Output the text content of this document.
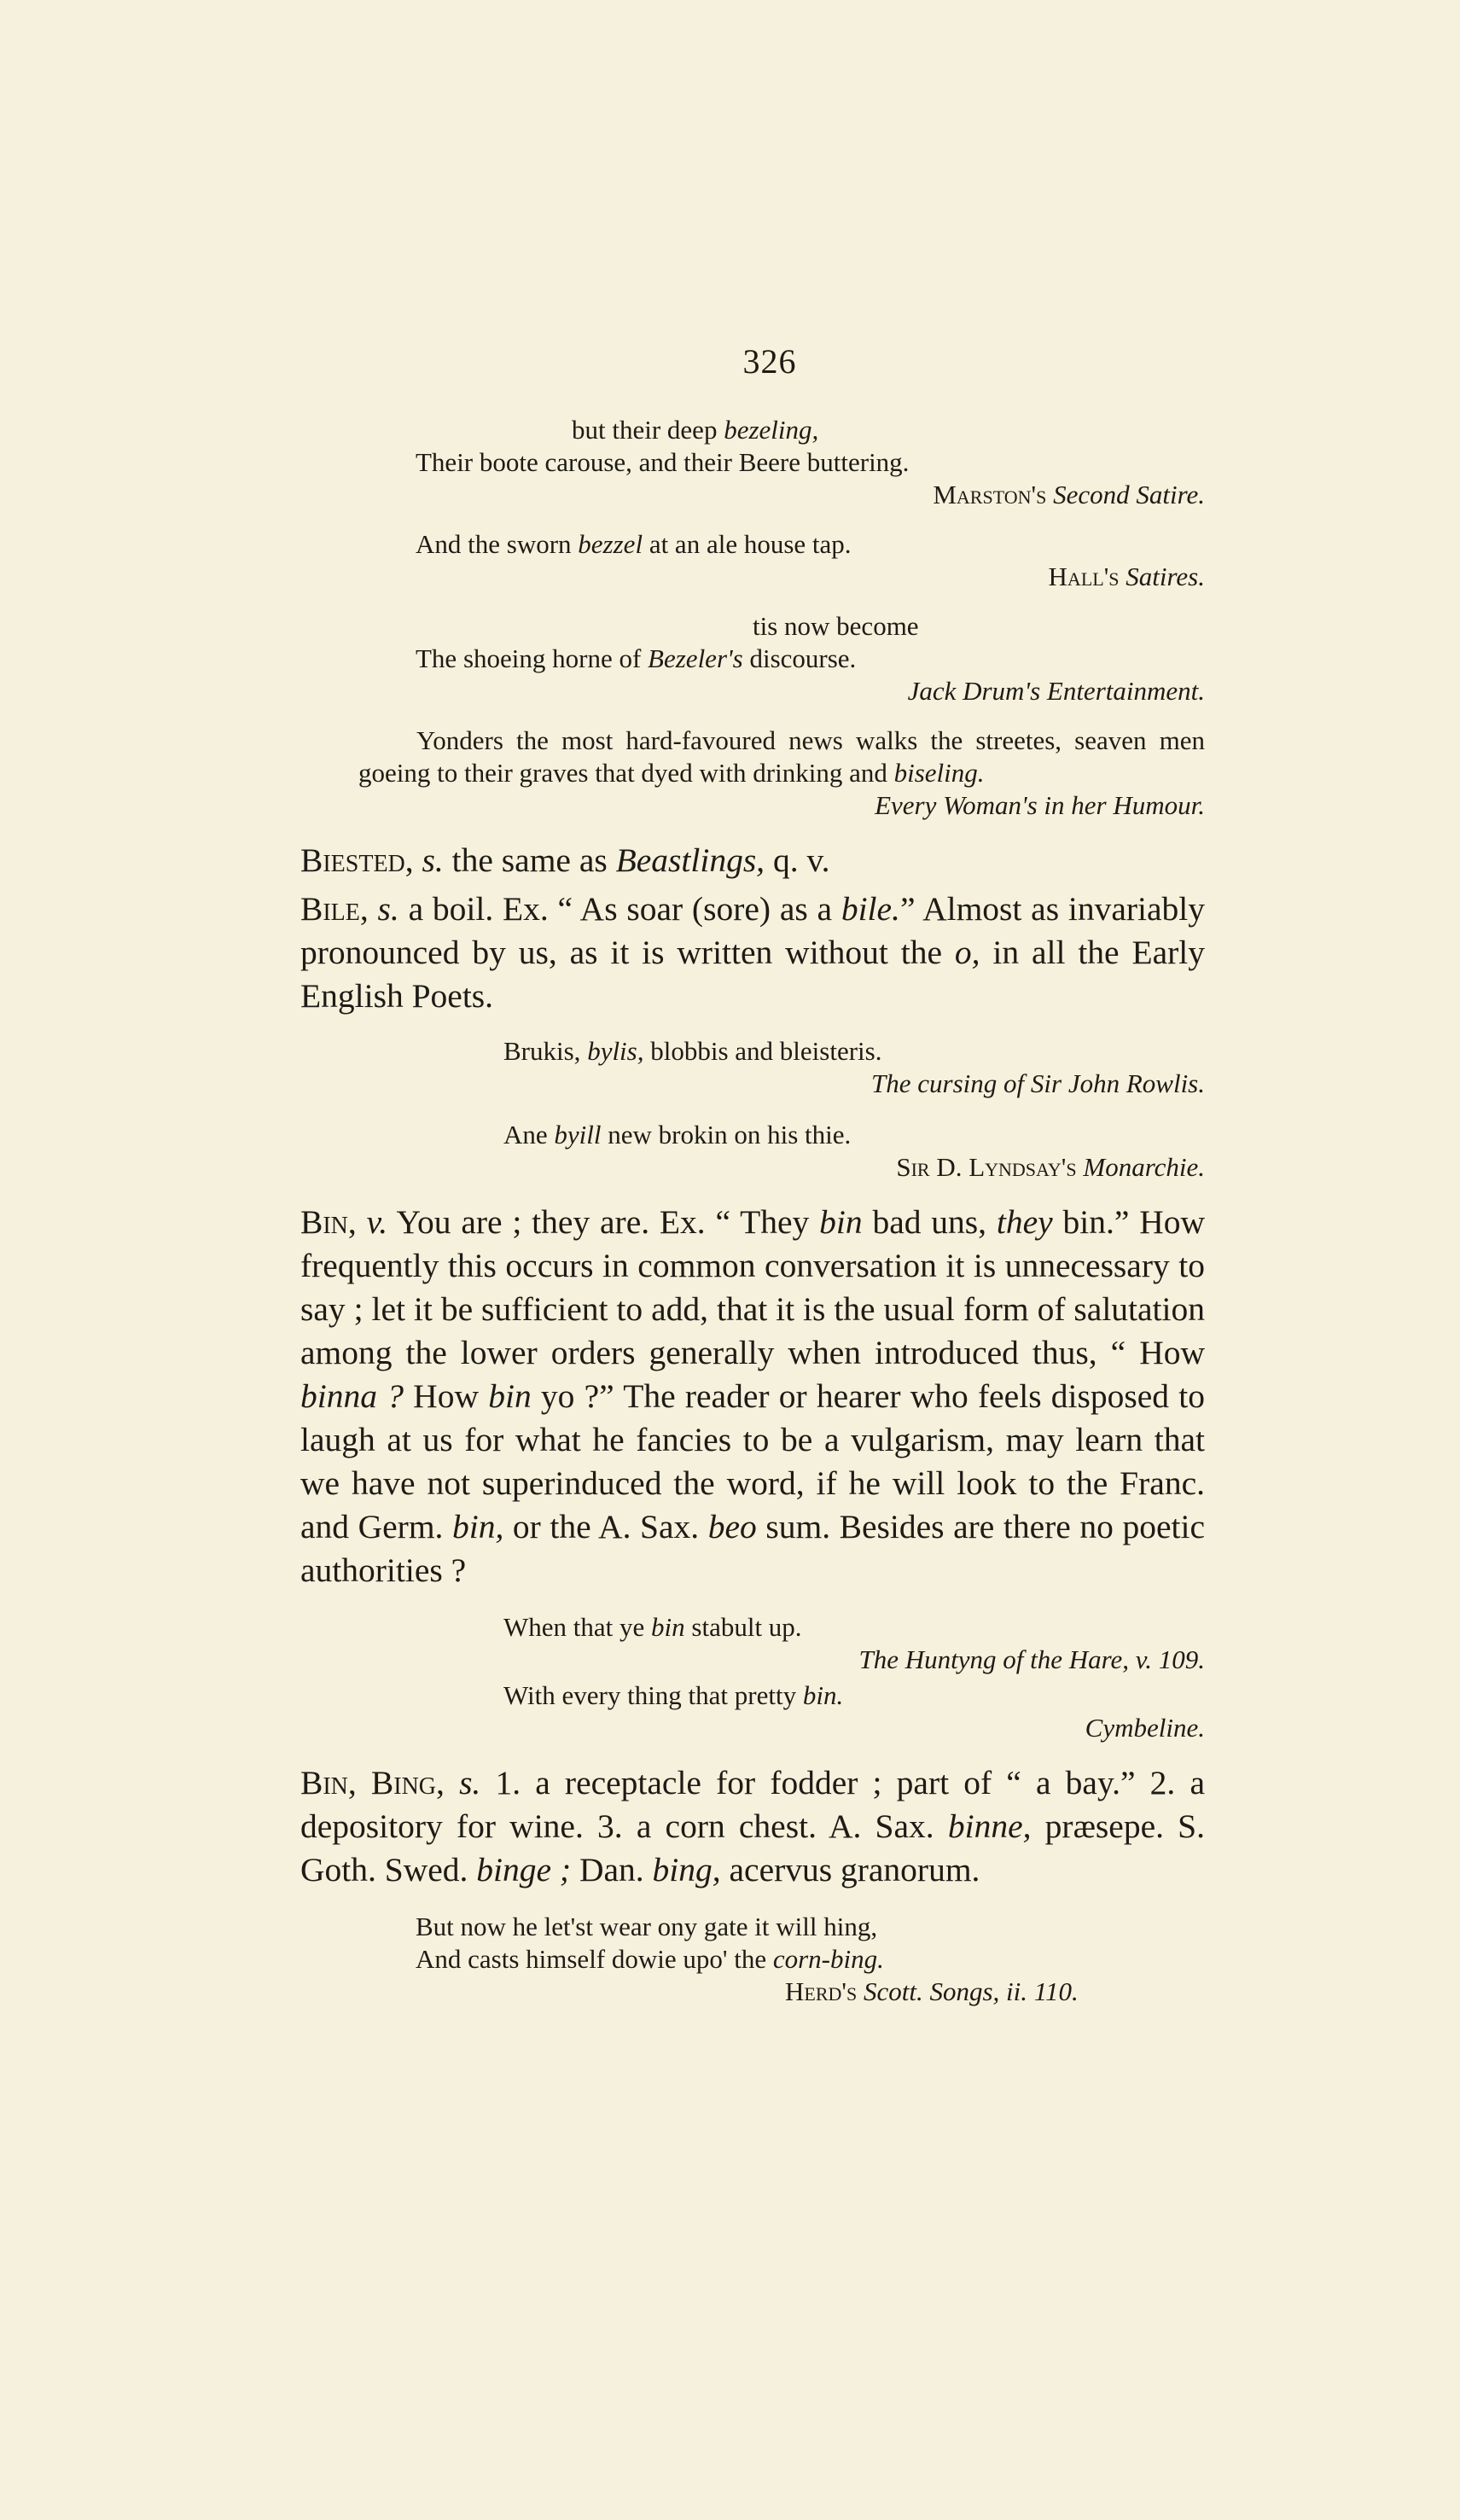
326
but their deep bezeling,
Their boote carouse, and their Beere buttering.
Marston's Second Satire.
And the sworn bezzel at an ale house tap.
Hall's Satires.
tis now become
The shoeing horne of Bezeler's discourse.
Jack Drum's Entertainment.
Yonders the most hard-favoured news walks the streetes, seaven men goeing to their graves that dyed with drinking and biseling.
Every Woman's in her Humour.
Biested, s. the same as Beastlings, q. v.
Bile, s. a boil. Ex. “ As soar (sore) as a bile.” Almost as invariably pronounced by us, as it is written without the o, in all the Early English Poets.
Brukis, bylis, blobbis and bleisteris.
The cursing of Sir John Rowlis.
Ane byill new brokin on his thie.
Sir D. Lyndsay's Monarchie.
Bin, v. You are ; they are. Ex. “ They bin bad uns, they bin.” How frequently this occurs in common conversation it is unnecessary to say ; let it be sufficient to add, that it is the usual form of salutation among the lower orders generally when introduced thus, “ How binna ? How bin yo ?” The reader or hearer who feels disposed to laugh at us for what he fancies to be a vulgarism, may learn that we have not superinduced the word, if he will look to the Franc. and Germ. bin, or the A. Sax. beo sum. Besides are there no poetic authorities ?
When that ye bin stabult up.
The Huntyng of the Hare, v. 109.
With every thing that pretty bin.
Cymbeline.
Bin, Bing, s. 1. a receptacle for fodder ; part of “ a bay.” 2. a depository for wine. 3. a corn chest. A. Sax. binne, præsepe. S. Goth. Swed. binge ; Dan. bing, acervus granorum.
But now he let'st wear ony gate it will hing,
And casts himself dowie upo' the corn-bing.
Herd's Scott. Songs, ii. 110.
